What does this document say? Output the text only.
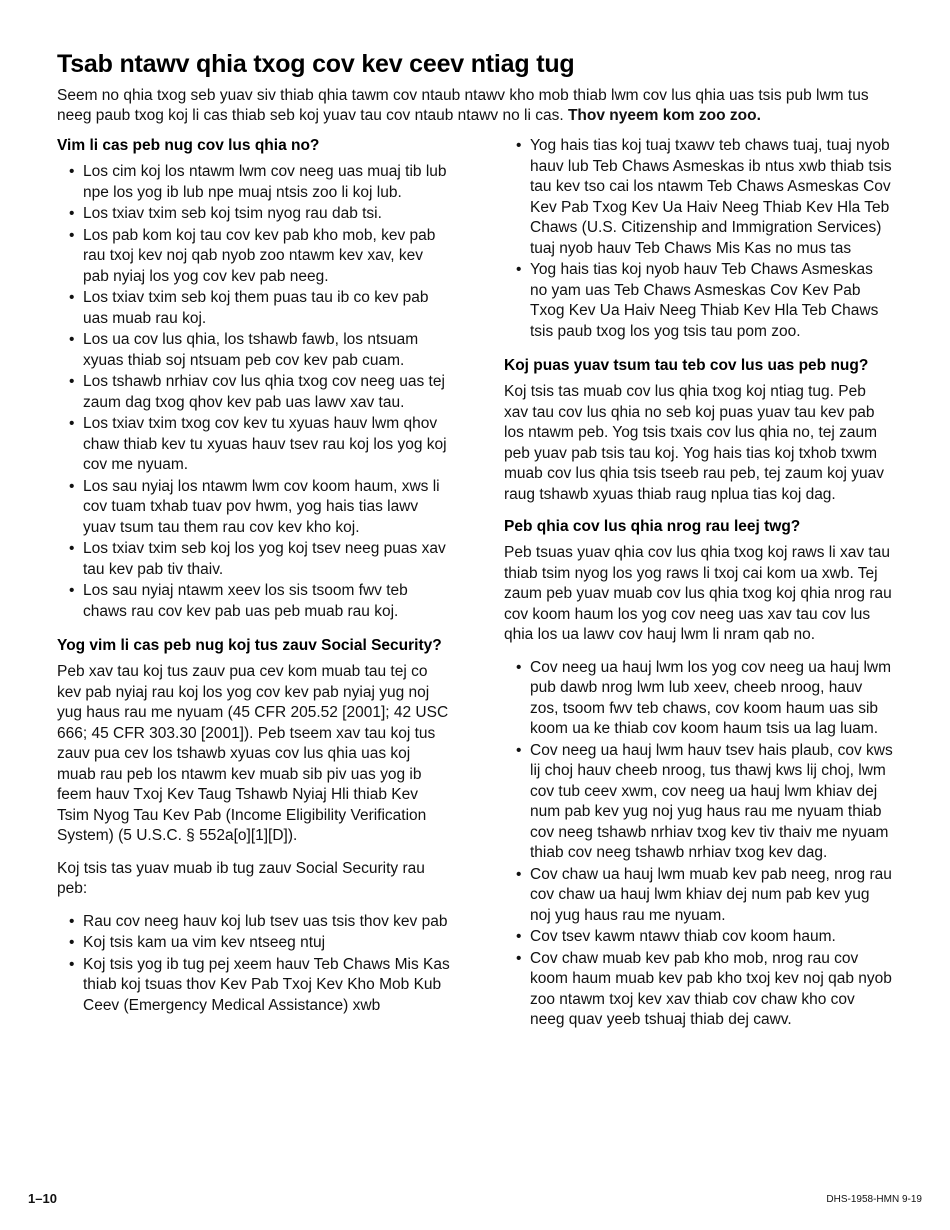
Tsab ntawv qhia txog cov kev ceev ntiag tug

Seem no qhia txog seb yuav siv thiab qhia tawm cov ntaub ntawv kho mob thiab lwm cov lus qhia uas tsis pub lwm tus neeg paub txog koj li cas thiab seb koj yuav tau cov ntaub ntawv no li cas. Thov nyeem kom zoo zoo.

Vim li cas peb nug cov lus qhia no?
• Los cim koj los ntawm lwm cov neeg uas muaj tib lub npe los yog ib lub npe muaj ntsis zoo li koj lub.
• Los txiav txim seb koj tsim nyog rau dab tsi.
• Los pab kom koj tau cov kev pab kho mob, kev pab rau txoj kev noj qab nyob zoo ntawm kev xav, kev pab nyiaj los yog cov kev pab neeg.
• Los txiav txim seb koj them puas tau ib co kev pab uas muab rau koj.
• Los ua cov lus qhia, los tshawb fawb, los ntsuam xyuas thiab soj ntsuam peb cov kev pab cuam.
• Los tshawb nrhiav cov lus qhia txog cov neeg uas tej zaum dag txog qhov kev pab uas lawv xav tau.
• Los txiav txim txog cov kev tu xyuas hauv lwm qhov chaw thiab kev tu xyuas hauv tsev rau koj los yog koj cov me nyuam.
• Los sau nyiaj los ntawm lwm cov koom haum, xws li cov tuam txhab tuav pov hwm, yog hais tias lawv yuav tsum tau them rau cov kev kho koj.
• Los txiav txim seb koj los yog koj tsev neeg puas xav tau kev pab tiv thaiv.
• Los sau nyiaj ntawm xeev los sis tsoom fwv teb chaws rau cov kev pab uas peb muab rau koj.
Yog vim li cas peb nug koj tus zauv Social Security?

Peb xav tau koj tus zauv pua cev kom muab tau tej co kev pab nyiaj rau koj los yog cov kev pab nyiaj yug noj yug haus rau me nyuam (45 CFR 205.52 [2001]; 42 USC 666; 45 CFR 303.30 [2001]). Peb tseem xav tau koj tus zauv pua cev los tshawb xyuas cov lus qhia uas koj muab rau peb los ntawm kev muab sib piv uas yog ib feem hauv Txoj Kev Taug Tshawb Nyiaj Hli thiab Kev Tsim Nyog Tau Kev Pab (Income Eligibility Verification System) (5 U.S.C. § 552a[o][1][D]).

Koj tsis tas yuav muab ib tug zauv Social Security rau peb:

• Rau cov neeg hauv koj lub tsev uas tsis thov kev pab
• Koj tsis kam ua vim kev ntseeg ntuj
• Koj tsis yog ib tug pej xeem hauv Teb Chaws Mis Kas thiab koj tsuas thov Kev Pab Txoj Kev Kho Mob Kub Ceev (Emergency Medical Assistance) xwb
• Yog hais tias koj tuaj txawv teb chaws tuaj, tuaj nyob hauv lub Teb Chaws Asmeskas ib ntus xwb thiab tsis tau kev tso cai los ntawm Teb Chaws Asmeskas Cov Kev Pab Txog Kev Ua Haiv Neeg Thiab Kev Hla Teb Chaws (U.S. Citizenship and Immigration Services) tuaj nyob hauv Teb Chaws Mis Kas no mus tas
• Yog hais tias koj nyob hauv Teb Chaws Asmeskas no yam uas Teb Chaws Asmeskas Cov Kev Pab Txog Kev Ua Haiv Neeg Thiab Kev Hla Teb Chaws tsis paub txog los yog tsis tau pom zoo.
Koj puas yuav tsum tau teb cov lus uas peb nug?

Koj tsis tas muab cov lus qhia txog koj ntiag tug. Peb xav tau cov lus qhia no seb koj puas yuav tau kev pab los ntawm peb. Yog tsis txais cov lus qhia no, tej zaum peb yuav pab tsis tau koj. Yog hais tias koj txhob txwm muab cov lus qhia tsis tseeb rau peb, tej zaum koj yuav raug tshawb xyuas thiab raug nplua tias koj dag.

Peb qhia cov lus qhia nrog rau leej twg?

Peb tsuas yuav qhia cov lus qhia txog koj raws li xav tau thiab tsim nyog los yog raws li txoj cai kom ua xwb. Tej zaum peb yuav muab cov lus qhia txog koj qhia nrog rau cov koom haum los yog cov neeg uas xav tau cov lus qhia los ua lawv cov hauj lwm li nram qab no.

• Cov neeg ua hauj lwm los yog cov neeg ua hauj lwm pub dawb nrog lwm lub xeev, cheeb nroog, hauv zos, tsoom fwv teb chaws, cov koom haum uas sib koom ua ke thiab cov koom haum tsis ua lag luam.
• Cov neeg ua hauj lwm hauv tsev hais plaub, cov kws lij choj hauv cheeb nroog, tus thawj kws lij choj, lwm cov tub ceev xwm, cov neeg ua hauj lwm khiav dej num pab kev yug noj yug haus rau me nyuam thiab cov neeg tshawb nrhiav txog kev tiv thaiv me nyuam thiab cov neeg tshawb nrhiav txog kev dag.
• Cov chaw ua hauj lwm muab kev pab neeg, nrog rau cov chaw ua hauj lwm khiav dej num pab kev yug noj yug haus rau me nyuam.
• Cov tsev kawm ntawv thiab cov koom haum.
• Cov chaw muab kev pab kho mob, nrog rau cov koom haum muab kev pab kho txoj kev noj qab nyob zoo ntawm txoj kev xav thiab cov chaw kho cov neeg quav yeeb tshuaj thiab dej cawv.
1–10	DHS-1958-HMN 9-19
